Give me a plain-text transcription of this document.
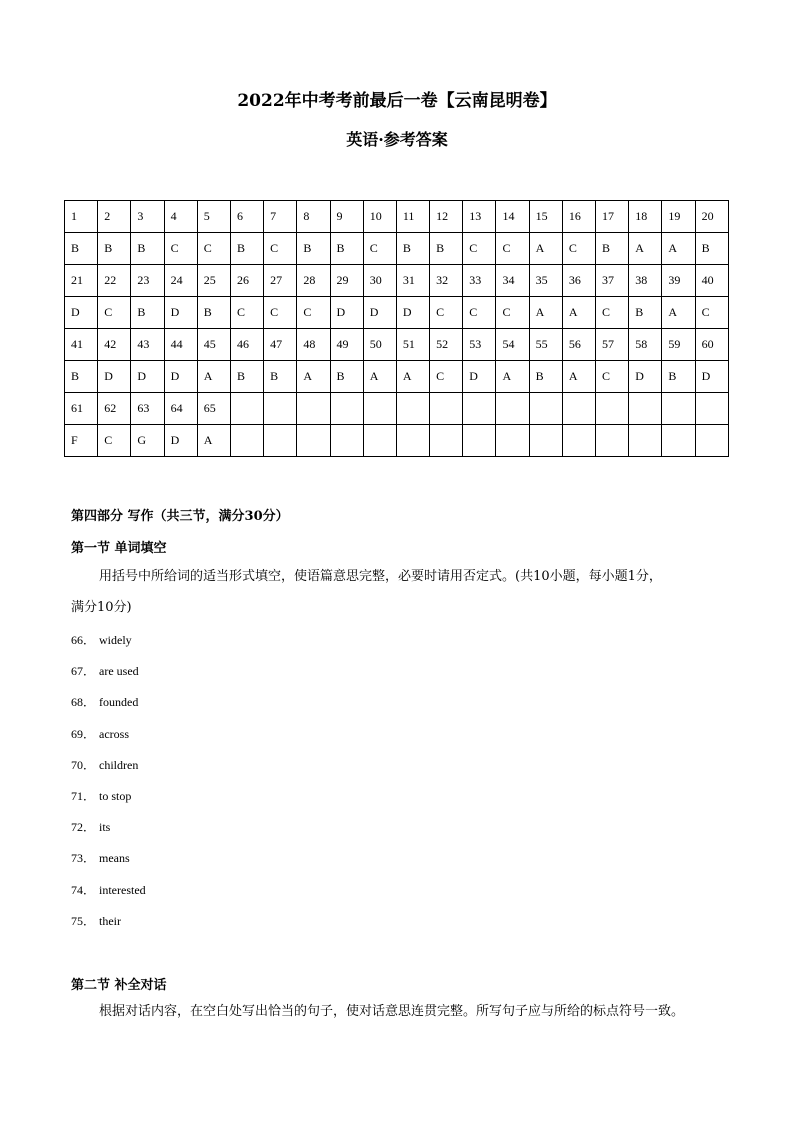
2022年中考考前最后一卷【云南昆明卷】
英语·参考答案
1	2	3	4	5	6	7	8	9	10	11	12	13	14	15	16	17	18	19	20
B	B	B	C	C	B	C	B	B	C	B	B	C	C	A	C	B	A	A	B
21	22	23	24	25	26	27	28	29	30	31	32	33	34	35	36	37	38	39	40
D	C	B	D	B	C	C	C	D	D	D	C	C	C	A	A	C	B	A	C
41	42	43	44	45	46	47	48	49	50	51	52	53	54	55	56	57	58	59	60
B	D	D	D	A	B	B	A	B	A	A	C	D	A	B	A	C	D	B	D
61	62	63	64	65															
F	C	G	D	A															
第四部分 写作（共三节，满分30分）
第一节 单词填空
用括号中所给词的适当形式填空，使语篇意思完整，必要时请用否定式。(共10小题，每小题1分，
满分10分)
66． widely
67． are used
68． founded
69． across
70． children
71． to stop
72． its
73． means
74． interested
75． their
第二节 补全对话
根据对话内容，在空白处写出恰当的句子，使对话意思连贯完整。所写句子应与所给的标点符号一致。
